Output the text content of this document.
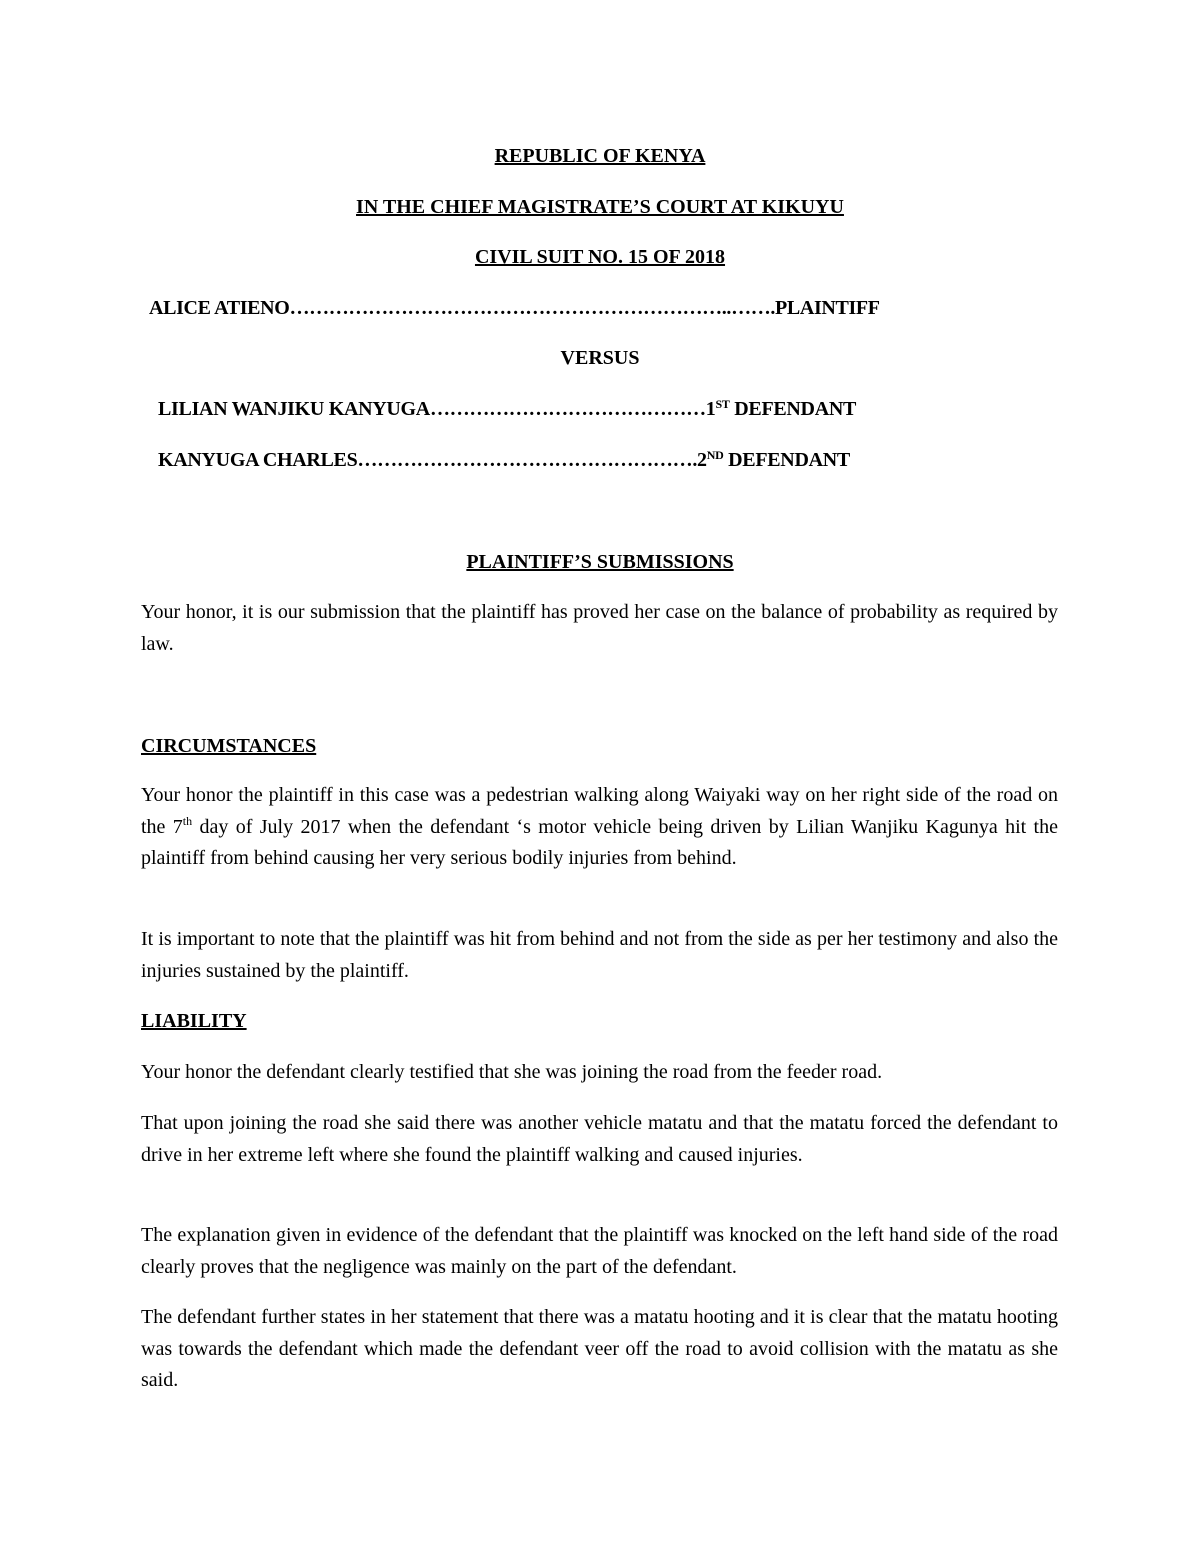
REPUBLIC OF KENYA

IN THE CHIEF MAGISTRATE’S COURT AT KIKUYU

CIVIL SUIT NO. 15 OF 2018

ALICE ATIENO…………………………………………………………..…….PLAINTIFF

VERSUS

LILIAN WANJIKU KANYUGA……………………………………1ST DEFENDANT

KANYUGA CHARLES…………………………………………….2ND DEFENDANT

PLAINTIFF’S SUBMISSIONS

Your honor, it is our submission that the plaintiff has proved her case on the balance of probability as required by law.

CIRCUMSTANCES

Your honor the plaintiff in this case was a pedestrian walking along Waiyaki way on her right side of the road on the 7th day of July 2017 when the defendant ‘s motor vehicle being driven by Lilian Wanjiku Kagunya hit the plaintiff from behind causing her very serious bodily injuries from behind.

It is important to note that the plaintiff was hit from behind and not from the side as per her testimony and also the injuries sustained by the plaintiff.

LIABILITY

Your honor the defendant clearly testified that she was joining the road from the feeder road.

That upon joining the road she said there was another vehicle matatu and that the matatu forced the defendant to drive in her extreme left where she found the plaintiff walking and caused injuries.

The explanation given in evidence of the defendant that the plaintiff was knocked on the left hand side of the road clearly proves that the negligence was mainly on the part of the defendant.

The defendant further states in her statement that there was a matatu hooting and it is clear that the matatu hooting was towards the defendant which made the defendant veer off the road to avoid collision with the matatu as she said.
